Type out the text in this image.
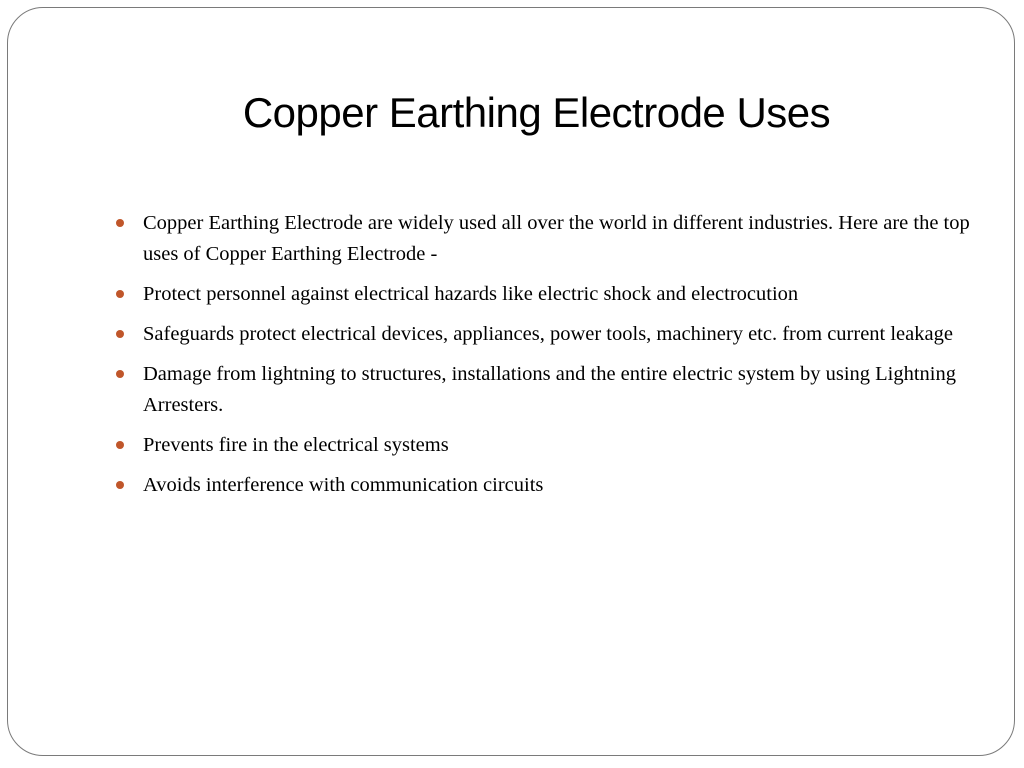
Copper Earthing Electrode Uses
Copper Earthing Electrode are widely used all over the world in different industries. Here are the top uses of Copper Earthing Electrode -
Protect personnel against electrical hazards like electric shock and electrocution
Safeguards protect electrical devices, appliances, power tools, machinery etc. from current leakage
Damage from lightning to structures, installations and the entire electric system by using Lightning Arresters.
Prevents fire in the electrical systems
Avoids interference with communication circuits
